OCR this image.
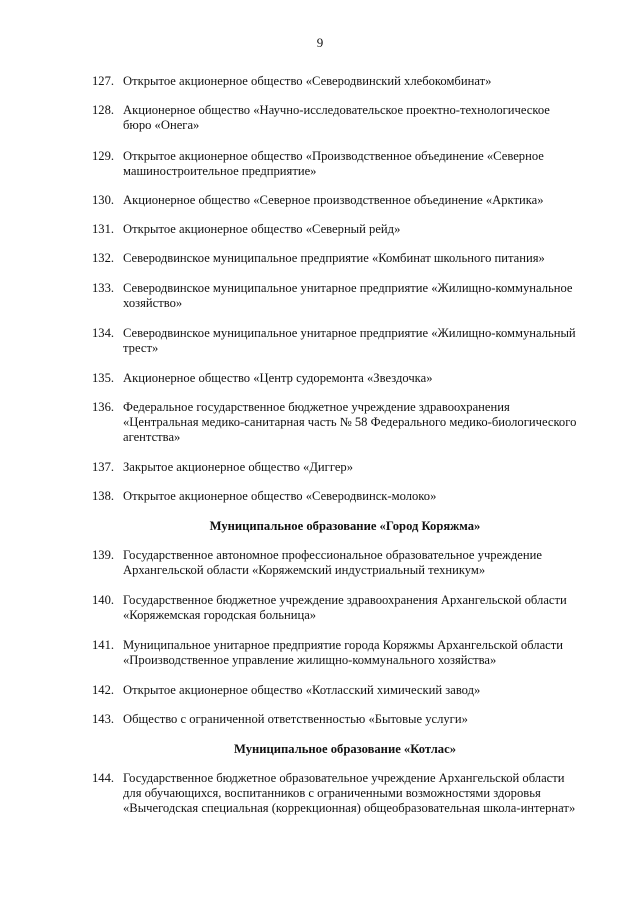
9
127. Открытое акционерное общество «Северодвинский хлебокомбинат»
128. Акционерное общество «Научно-исследовательское проектно-технологическое
бюро «Онега»
129. Открытое акционерное общество «Производственное объединение «Северное
машиностроительное предприятие»
130. Акционерное общество «Северное производственное объединение «Арктика»
131. Открытое акционерное общество «Северный рейд»
132. Северодвинское муниципальное предприятие «Комбинат школьного питания»
133. Северодвинское муниципальное унитарное предприятие «Жилищно-коммунальное
хозяйство»
134. Северодвинское муниципальное унитарное предприятие «Жилищно-коммунальный
трест»
135. Акционерное общество «Центр судоремонта «Звездочка»
136. Федеральное государственное бюджетное учреждение здравоохранения
«Центральная медико-санитарная часть № 58 Федерального медико-биологического
агентства»
137. Закрытое акционерное общество «Диггер»
138. Открытое акционерное общество «Северодвинск-молоко»
Муниципальное образование «Город Коряжма»
139. Государственное автономное профессиональное образовательное учреждение
Архангельской области «Коряжемский индустриальный техникум»
140. Государственное бюджетное учреждение здравоохранения Архангельской области
«Коряжемская городская больница»
141. Муниципальное унитарное предприятие города Коряжмы Архангельской области
«Производственное управление жилищно-коммунального хозяйства»
142. Открытое акционерное общество «Котласский химический завод»
143. Общество с ограниченной ответственностью «Бытовые услуги»
Муниципальное образование «Котлас»
144. Государственное бюджетное образовательное учреждение Архангельской области
для обучающихся, воспитанников с ограниченными возможностями здоровья
«Вычегодская специальная (коррекционная) общеобразовательная школа-интернат»
